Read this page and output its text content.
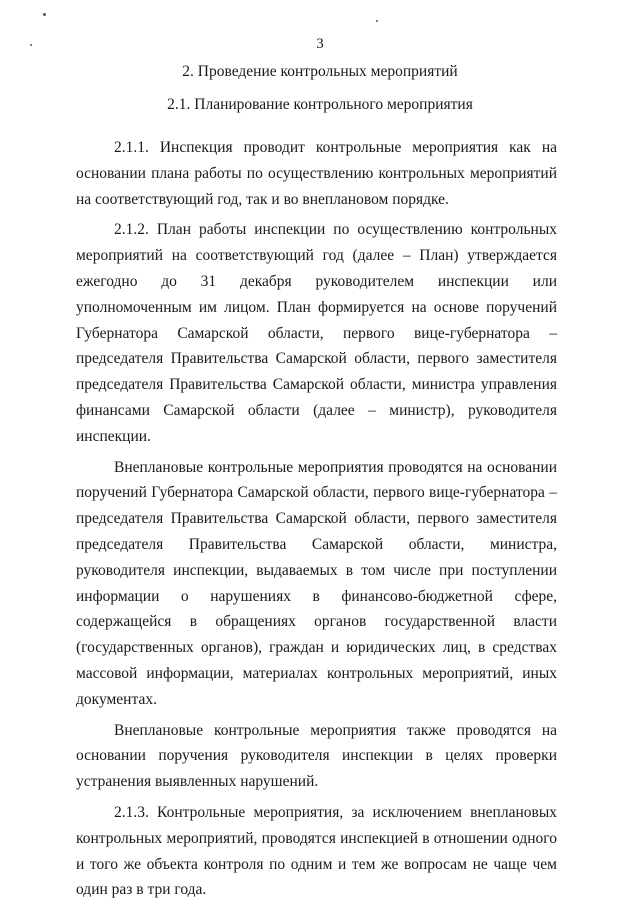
3
2. Проведение контрольных мероприятий
2.1. Планирование контрольного мероприятия

2.1.1. Инспекция проводит контрольные мероприятия как на основании плана работы по осуществлению контрольных мероприятий на соответствующий год, так и во внеплановом порядке.

2.1.2. План работы инспекции по осуществлению контрольных мероприятий на соответствующий год (далее – План) утверждается ежегодно до 31 декабря руководителем инспекции или уполномоченным им лицом. План формируется на основе поручений Губернатора Самарской области, первого вице-губернатора – председателя Правительства Самарской области, первого заместителя председателя Правительства Самарской области, министра управления финансами Самарской области (далее – министр), руководителя инспекции.

Внеплановые контрольные мероприятия проводятся на основании поручений Губернатора Самарской области, первого вице-губернатора – председателя Правительства Самарской области, первого заместителя председателя Правительства Самарской области, министра, руководителя инспекции, выдаваемых в том числе при поступлении информации о нарушениях в финансово-бюджетной сфере, содержащейся в обращениях органов государственной власти (государственных органов), граждан и юридических лиц, в средствах массовой информации, материалах контрольных мероприятий, иных документах.

Внеплановые контрольные мероприятия также проводятся на основании поручения руководителя инспекции в целях проверки устранения выявленных нарушений.

2.1.3. Контрольные мероприятия, за исключением внеплановых контрольных мероприятий, проводятся инспекцией в отношении одного и того же объекта контроля по одним и тем же вопросам не чаще чем один раз в три года.
